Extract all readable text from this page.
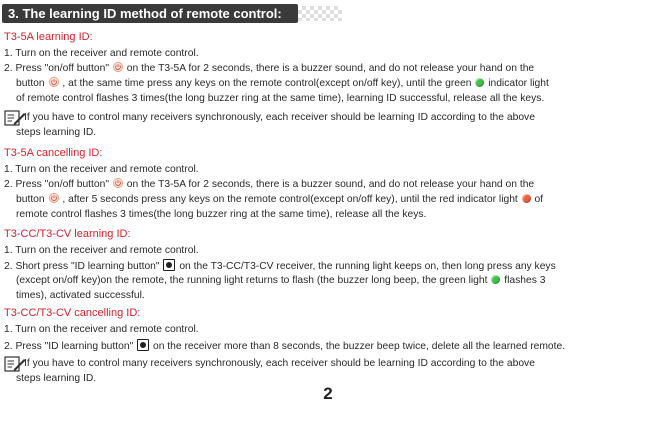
3. The learning ID method of remote control:
T3-5A learning ID:
1. Turn on the receiver and remote control.
2. Press "on/off button"  on the T3-5A for 2 seconds, there is a buzzer sound, and do not release your hand on the
button , at the same time press any keys on the remote control(except on/off key), until the green  indicator light
of remote control flashes 3 times(the long buzzer ring at the same time), learning ID successful, release all the keys.
If you have to control many receivers synchronously, each receiver should be learning ID according to the above
steps learning ID.
T3-5A cancelling ID:
1. Turn on the receiver and remote control.
2. Press "on/off button"  on the T3-5A for 2 seconds, there is a buzzer sound, and do not release your hand on the
button , after 5 seconds press any keys on the remote control(except on/off key), until the red indicator light  of
remote control flashes 3 times(the long buzzer ring at the same time), release all the keys.
T3-CC/T3-CV learning ID:
1. Turn on the receiver and remote control.
2. Short press "ID learning button"  on the T3-CC/T3-CV receiver, the running light keeps on, then long press any keys
(except on/off key)on the remote, the running light returns to flash (the buzzer long beep, the green light  flashes 3
times), activated successful.
T3-CC/T3-CV cancelling ID:
1. Turn on the receiver and remote control.
2. Press "ID learning button" on the receiver more than 8 seconds, the buzzer beep twice, delete all the learned remote.
If you have to control many receivers synchronously, each receiver should be learning ID according to the above
steps learning ID.
2
